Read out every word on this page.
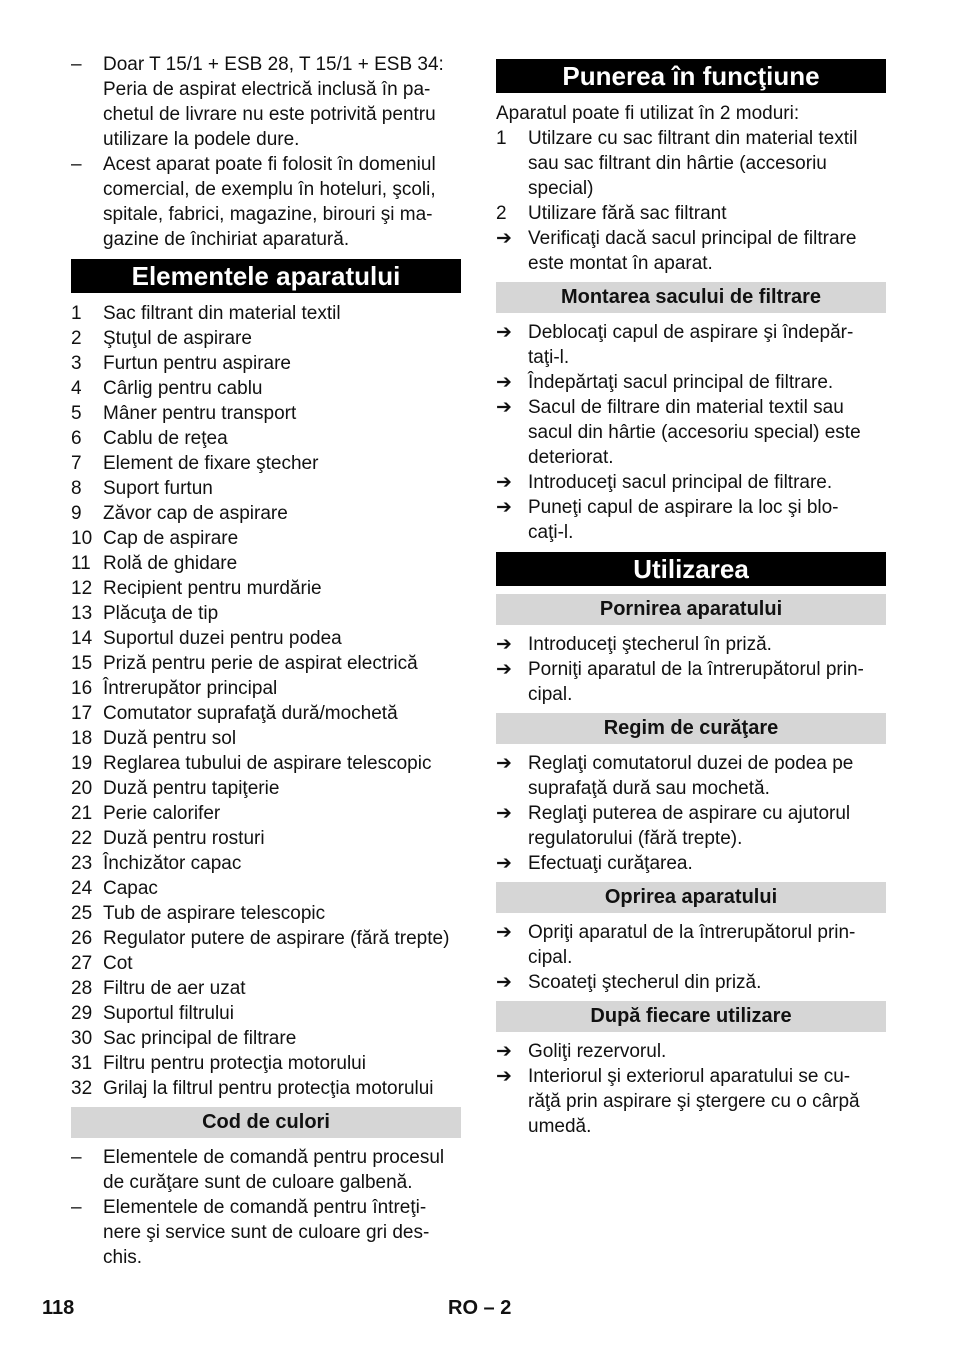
– Doar T 15/1 + ESB 28, T 15/1 + ESB 34:
Peria de aspirat electrică inclusă în pa-
chetul de livrare nu este potrivită pentru
utilizare la podele dure.
– Acest aparat poate fi folosit în domeniul
comercial, de exemplu în hoteluri, şcoli,
spitale, fabrici, magazine, birouri şi ma-
gazine de închiriat aparatură.
Elementele aparatului
1 Sac filtrant din material textil
2 Ştuţul de aspirare
3 Furtun pentru aspirare
4 Cârlig pentru cablu
5 Mâner pentru transport
6 Cablu de reţea
7 Element de fixare ştecher
8 Suport furtun
9 Zăvor cap de aspirare
10 Cap de aspirare
11 Rolă de ghidare
12 Recipient pentru murdărie
13 Plăcuţa de tip
14 Suportul duzei pentru podea
15 Priză pentru perie de aspirat electrică
16 Întrerupător principal
17 Comutator suprafaţă dură/mochetă
18 Duză pentru sol
19 Reglarea tubului de aspirare telescopic
20 Duză pentru tapiţerie
21 Perie calorifer
22 Duză pentru rosturi
23 Închizător capac
24 Capac
25 Tub de aspirare telescopic
26 Regulator putere de aspirare (fără trepte)
27 Cot
28 Filtru de aer uzat
29 Suportul filtrului
30 Sac principal de filtrare
31 Filtru pentru protecţia motorului
32 Grilaj la filtrul pentru protecţia motorului
Cod de culori
– Elementele de comandă pentru procesul
de curăţare sunt de culoare galbenă.
– Elementele de comandă pentru întreţi-
nere şi service sunt de culoare gri des-
chis.
Punerea în funcţiune
Aparatul poate fi utilizat în 2 moduri:
1 Utilzare cu sac filtrant din material textil
sau sac filtrant din hârtie (accesoriu
special)
2 Utilizare fără sac filtrant
➔ Verificaţi dacă sacul principal de filtrare
este montat în aparat.
Montarea sacului de filtrare
➔ Deblocaţi capul de aspirare şi îndepăr-
taţi-l.
➔ Îndepărtaţi sacul principal de filtrare.
➔ Sacul de filtrare din material textil sau
sacul din hârtie (accesoriu special) este
deteriorat.
➔ Introduceţi sacul principal de filtrare.
➔ Puneţi capul de aspirare la loc şi blo-
caţi-l.
Utilizarea
Pornirea aparatului
➔ Introduceţi ştecherul în priză.
➔ Porniţi aparatul de la întrerupătorul prin-
cipal.
Regim de curăţare
➔ Reglaţi comutatorul duzei de podea pe
suprafaţă dură sau mochetă.
➔ Reglaţi puterea de aspirare cu ajutorul
regulatorului (fără trepte).
➔ Efectuaţi curăţarea.
Oprirea aparatului
➔ Opriţi aparatul de la întrerupătorul prin-
cipal.
➔ Scoateţi ştecherul din priză.
După fiecare utilizare
➔ Goliţi rezervorul.
➔ Interiorul şi exteriorul aparatului se cu-
răţă prin aspirare şi ştergere cu o cârpă
umedă.
118	RO – 2
